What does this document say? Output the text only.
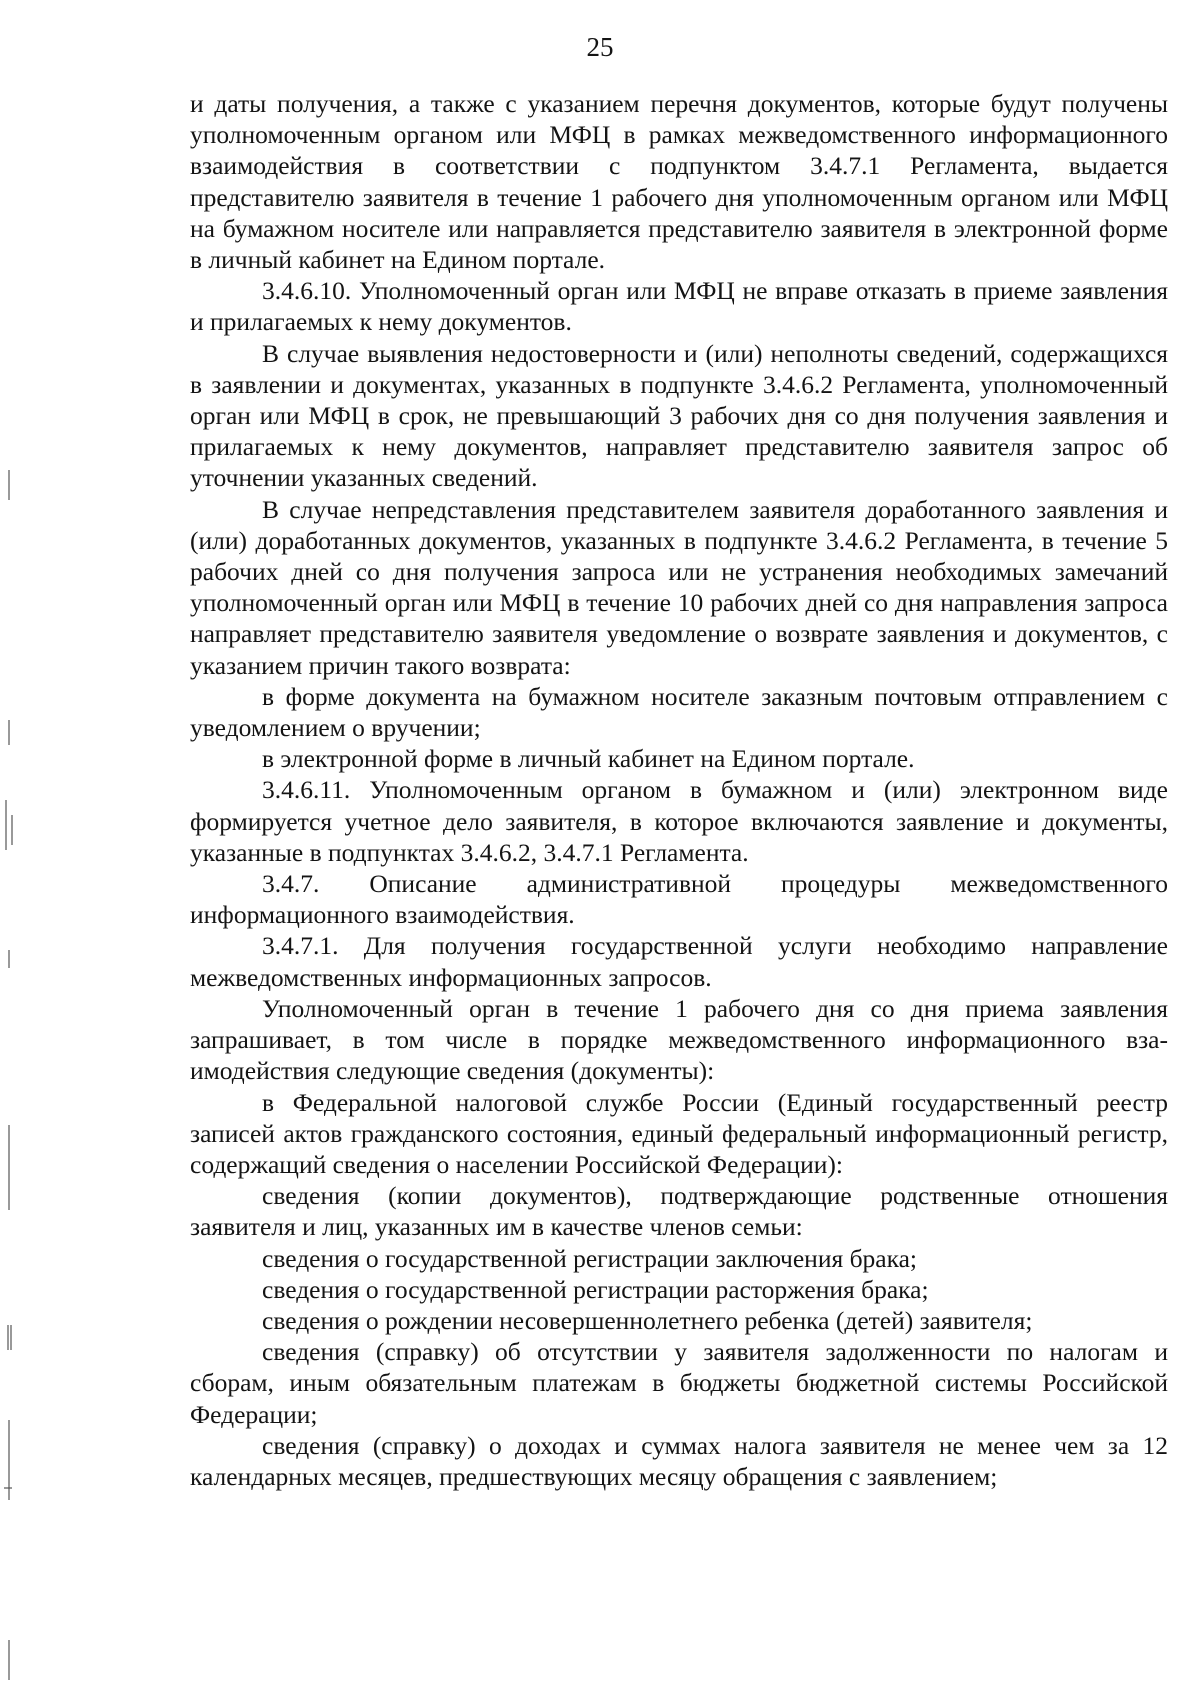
25

и даты получения, а также с указанием перечня документов, которые будут получены уполномоченным органом или МФЦ в рамках межведомственного информационного взаимодействия в соответствии с подпунктом 3.4.7.1 Регламента, выдается представителю заявителя в течение 1 рабочего дня уполномоченным органом или МФЦ на бумажном носителе или направляется представителю заявителя в электронной форме в личный кабинет на Едином портале.

3.4.6.10. Уполномоченный орган или МФЦ не вправе отказать в приеме заявления и прилагаемых к нему документов.

В случае выявления недостоверности и (или) неполноты сведений, содержащихся в заявлении и документах, указанных в подпункте 3.4.6.2 Регламента, уполномоченный орган или МФЦ в срок, не превышающий 3 рабочих дня со дня получения заявления и прилагаемых к нему документов, направляет представителю заявителя запрос об уточнении указанных сведений.

В случае непредставления представителем заявителя доработанного заявления и (или) доработанных документов, указанных в подпункте 3.4.6.2 Регламента, в течение 5 рабочих дней со дня получения запроса или не устранения необходимых замечаний уполномоченный орган или МФЦ в течение 10 рабочих дней со дня направления запроса направляет представителю заявителя уведомление о возврате заявления и документов, с указанием причин такого возврата:

в форме документа на бумажном носителе заказным почтовым отправлением с уведомлением о вручении;

в электронной форме в личный кабинет на Едином портале.

3.4.6.11. Уполномоченным органом в бумажном и (или) электронном виде формируется учетное дело заявителя, в которое включаются заявление и документы, указанные в подпунктах 3.4.6.2, 3.4.7.1 Регламента.

3.4.7. Описание административной процедуры межведомственного информационного взаимодействия.

3.4.7.1. Для получения государственной услуги необходимо направление межведомственных информационных запросов.

Уполномоченный орган в течение 1 рабочего дня со дня приема заявления запрашивает, в том числе в порядке межведомственного информационного взаимодействия следующие сведения (документы):

в Федеральной налоговой службе России (Единый государственный реестр записей актов гражданского состояния, единый федеральный информационный регистр, содержащий сведения о населении Российской Федерации):

сведения (копии документов), подтверждающие родственные отношения заявителя и лиц, указанных им в качестве членов семьи:

сведения о государственной регистрации заключения брака;

сведения о государственной регистрации расторжения брака;

сведения о рождении несовершеннолетнего ребенка (детей) заявителя;

сведения (справку) об отсутствии у заявителя задолженности по налогам и сборам, иным обязательным платежам в бюджеты бюджетной системы Российской Федерации;

сведения (справку) о доходах и суммах налога заявителя не менее чем за 12 календарных месяцев, предшествующих месяцу обращения с заявлением;
